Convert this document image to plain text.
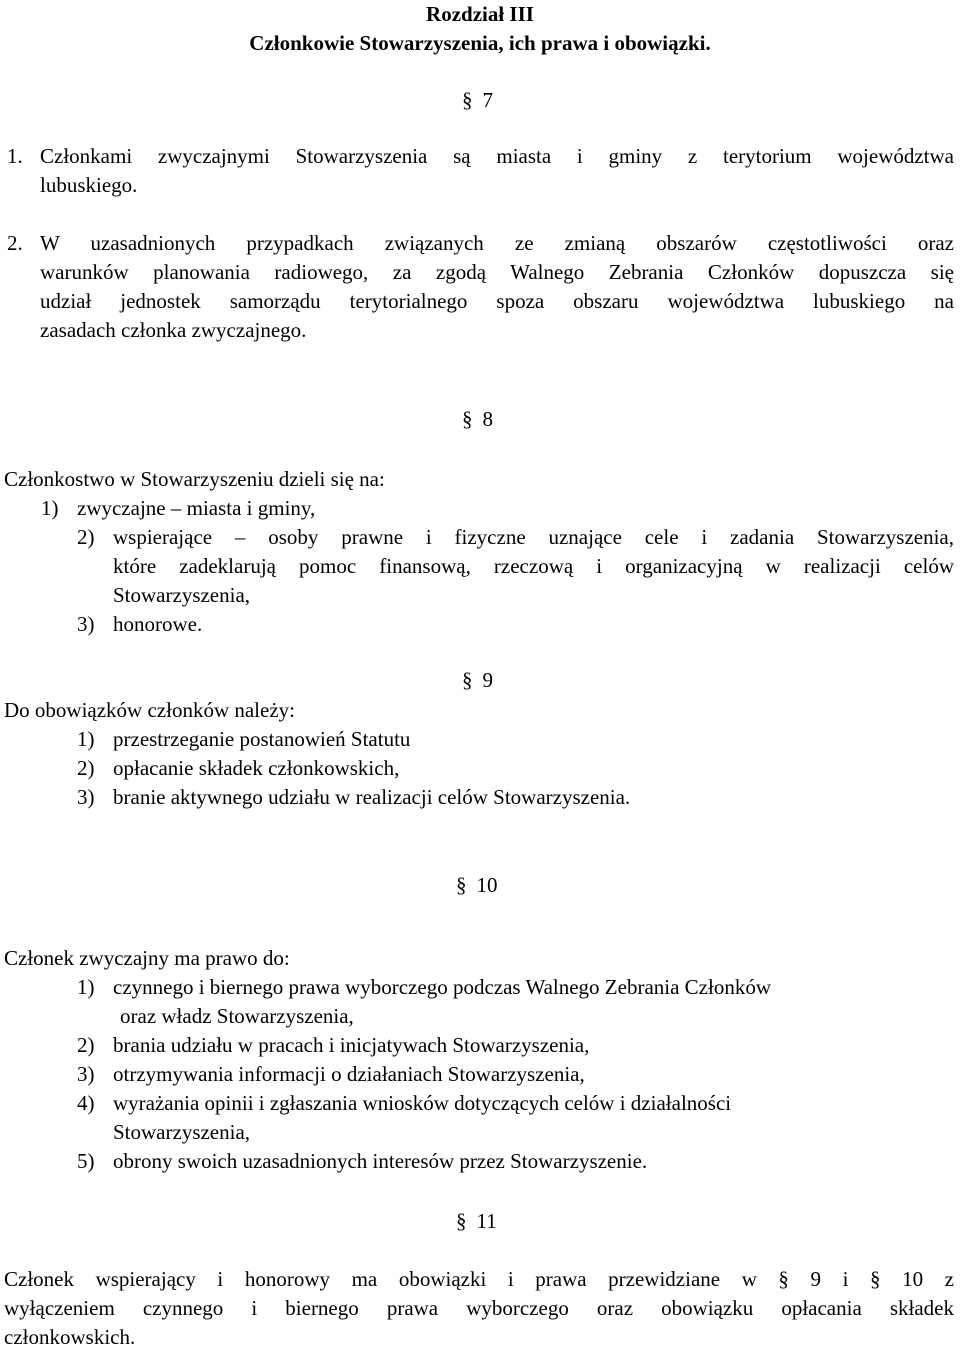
Rozdział III
Członkowie Stowarzyszenia, ich prawa i obowiązki.
§ 7
1. Członkami zwyczajnymi Stowarzyszenia są miasta i gminy z terytorium województwa
lubuskiego.
2. W uzasadnionych przypadkach związanych ze zmianą obszarów częstotliwości oraz
warunków planowania radiowego, za zgodą Walnego Zebrania Członków dopuszcza się
udział jednostek samorządu terytorialnego spoza obszaru województwa lubuskiego na
zasadach członka zwyczajnego.
§ 8
Członkostwo w Stowarzyszeniu dzieli się na:
1) zwyczajne – miasta i gminy,
2) wspierające – osoby prawne i fizyczne uznające cele i zadania Stowarzyszenia,
które zadeklarują pomoc finansową, rzeczową i organizacyjną w realizacji celów
Stowarzyszenia,
3) honorowe.
§ 9
Do obowiązków członków należy:
1) przestrzeganie postanowień Statutu
2) opłacanie składek członkowskich,
3) branie aktywnego udziału w realizacji celów Stowarzyszenia.
§ 10
Członek zwyczajny ma prawo do:
1) czynnego i biernego prawa wyborczego podczas Walnego Zebrania Członków
oraz władz Stowarzyszenia,
2) brania udziału w pracach i inicjatywach Stowarzyszenia,
3) otrzymywania informacji o działaniach Stowarzyszenia,
4) wyrażania opinii i zgłaszania wniosków dotyczących celów i działalności
Stowarzyszenia,
5) obrony swoich uzasadnionych interesów przez Stowarzyszenie.
§ 11
Członek wspierający i honorowy ma obowiązki i prawa przewidziane w § 9 i § 10 z
wyłączeniem czynnego i biernego prawa wyborczego oraz obowiązku opłacania składek
członkowskich.
